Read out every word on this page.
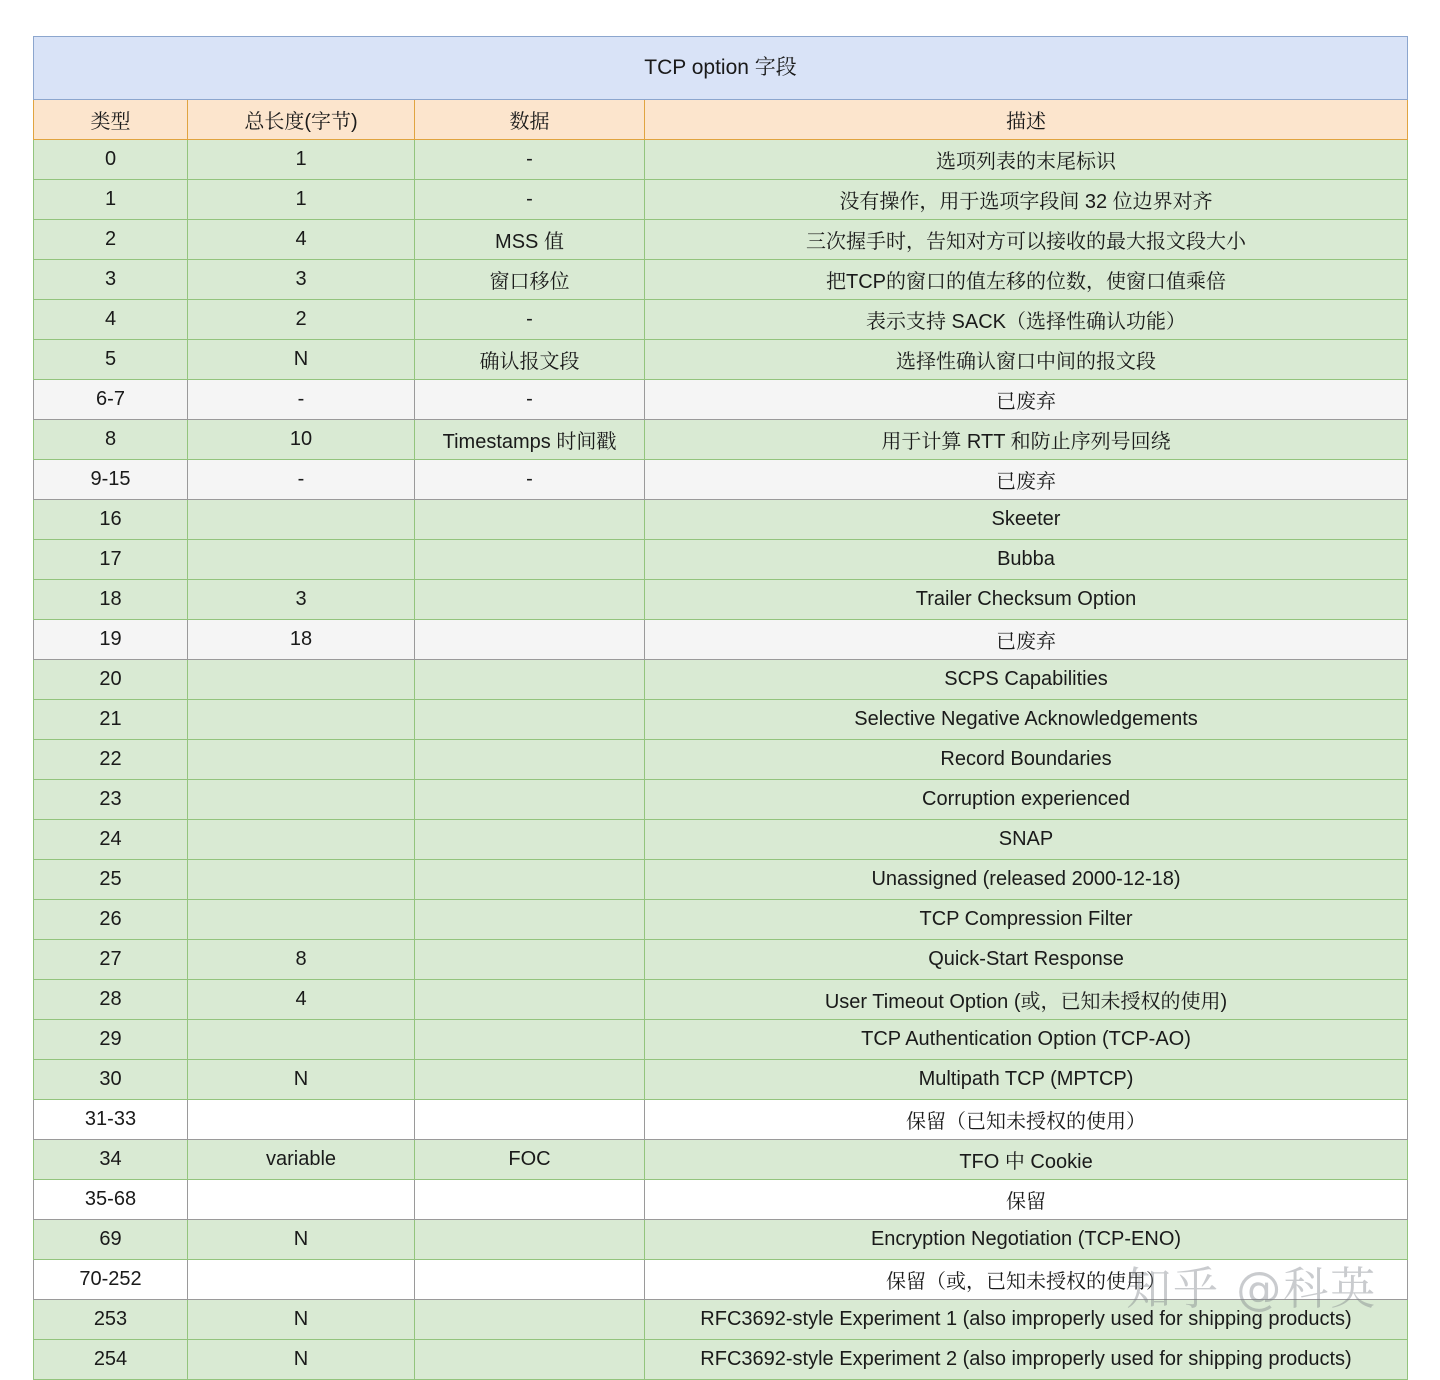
TCP option 字段			
类型	总长度(字节)	数据	描述
0	1	-	选项列表的末尾标识
1	1	-	没有操作，用于选项字段间 32 位边界对齐
2	4	MSS 值	三次握手时，告知对方可以接收的最大报文段大小
3	3	窗口移位	把TCP的窗口的值左移的位数，使窗口值乘倍
4	2	-	表示支持 SACK（选择性确认功能）
5	N	确认报文段	选择性确认窗口中间的报文段
6-7	-	-	已废弃
8	10	Timestamps 时间戳	用于计算 RTT 和防止序列号回绕
9-15	-	-	已废弃
16			Skeeter
17			Bubba
18	3		Trailer Checksum Option
19	18		已废弃
20			SCPS Capabilities
21			Selective Negative Acknowledgements
22			Record Boundaries
23			Corruption experienced
24			SNAP
25			Unassigned (released 2000-12-18)
26			TCP Compression Filter
27	8		Quick-Start Response
28	4		User Timeout Option (或，已知未授权的使用)
29			TCP Authentication Option (TCP-AO)
30	N		Multipath TCP (MPTCP)
31-33			保留（已知未授权的使用）
34	variable	FOC	TFO 中 Cookie
35-68			保留
69	N		Encryption Negotiation (TCP-ENO)
70-252			保留（或，已知未授权的使用）
253	N		RFC3692-style Experiment 1 (also improperly used for shipping products)
254	N		RFC3692-style Experiment 2 (also improperly used for shipping products)
知乎 @科英
